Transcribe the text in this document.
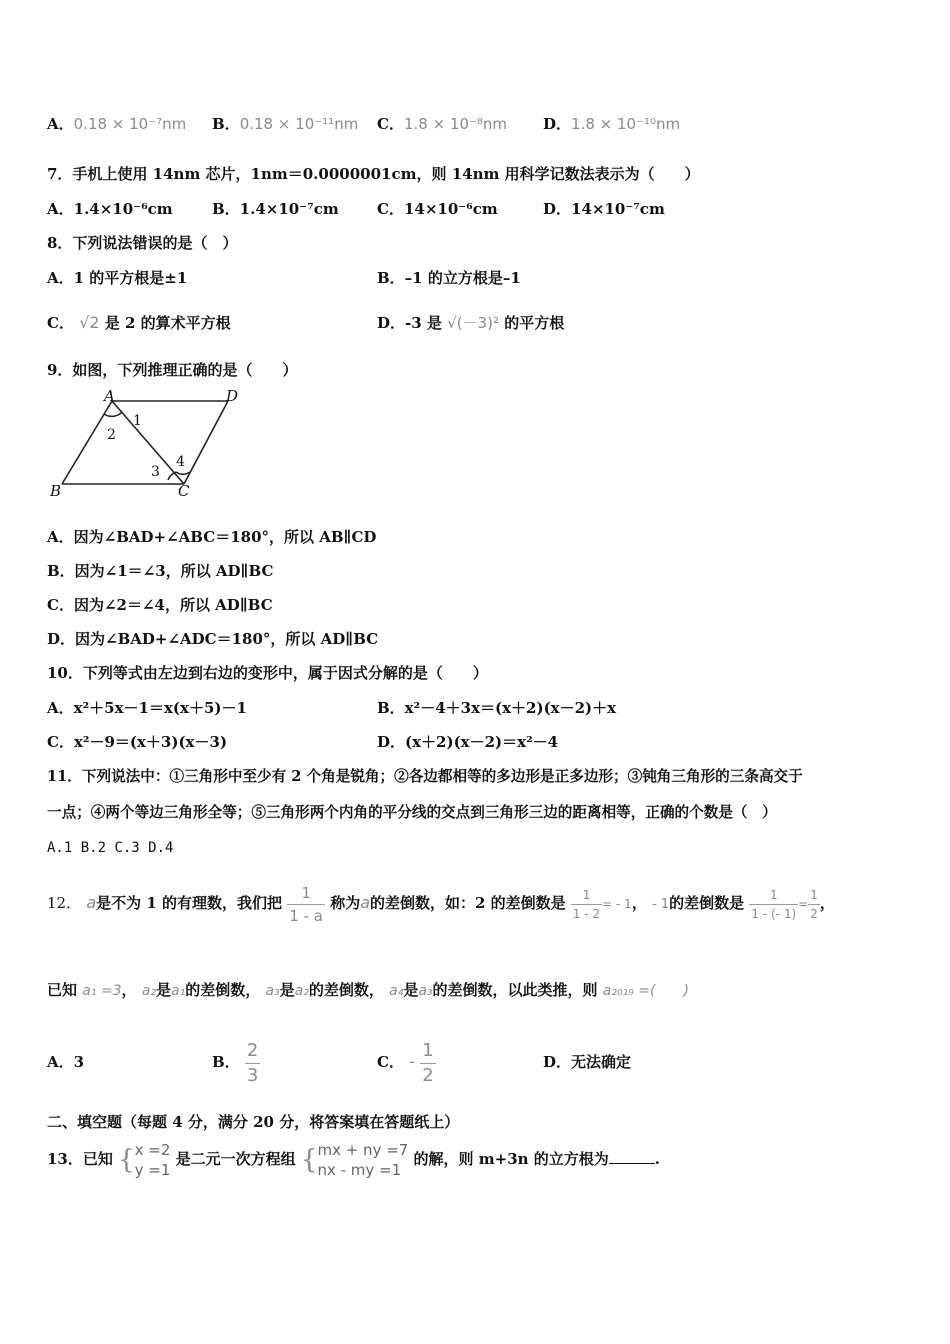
A．0.18 × 10⁻⁷nm B．0.18 × 10⁻¹¹nm C．1.8 × 10⁻⁸nm D．1.8 × 10⁻¹⁰nm
7．手机上使用 14nm 芯片，1nm＝0.0000001cm，则 14nm 用科学记数法表示为（　　）
A．1.4×10⁻⁶cm	B．1.4×10⁻⁷cm	C．14×10⁻⁶cm	D．14×10⁻⁷cm
8．下列说法错误的是（　）
A．1 的平方根是±1	B．–1 的立方根是–1
C． √2 是 2 的算术平方根	D．-3 是 √(－3)² 的平方根
9．如图，下列推理正确的是（　　）
A	D
B	C
1
2
3
4
A．因为∠BAD+∠ABC＝180°，所以 AB∥CD
B．因为∠1＝∠3，所以 AD∥BC
C．因为∠2＝∠4，所以 AD∥BC
D．因为∠BAD+∠ADC＝180°，所以 AD∥BC
10．下列等式由左边到右边的变形中，属于因式分解的是（　　）
A．x²＋5x－1＝x(x＋5)－1	B．x²－4＋3x＝(x＋2)(x－2)＋x
C．x²－9＝(x＋3)(x－3)	D．(x＋2)(x－2)＝x²－4
11．下列说法中：①三角形中至少有 2 个角是锐角；②各边都相等的多边形是正多边形；③钝角三角形的三条高交于
一点；④两个等边三角形全等；⑤三角形两个内角的平分线的交点到三角形三边的距离相等，正确的个数是（　）
A.1 B.2 C.3 D.4
12． a是不为 1 的有理数，我们把 $\frac{1}{1 - a}$ 称为a的差倒数，如：2 的差倒数是 $\frac{1}{1 - 2}$ = - 1， - 1的差倒数是 $\frac{1}{1 - (- 1)} = \frac{1}{2}$ ，
已知 a₁ =3， a₂是a₁的差倒数， a₃是a₂的差倒数， a₄是a₃的差倒数，以此类推，则 a₂₀₁₉ =(　　)
A．3	B． $\frac{2}{3}$	C． - $\frac{1}{2}$	D．无法确定
二、填空题（每题 4 分，满分 20 分，将答案填在答题纸上）
13．已知 { x =2
y =1
是二元一次方程组 { mx + ny =7
nx - my =1
的解，则 m+3n 的立方根为	.
